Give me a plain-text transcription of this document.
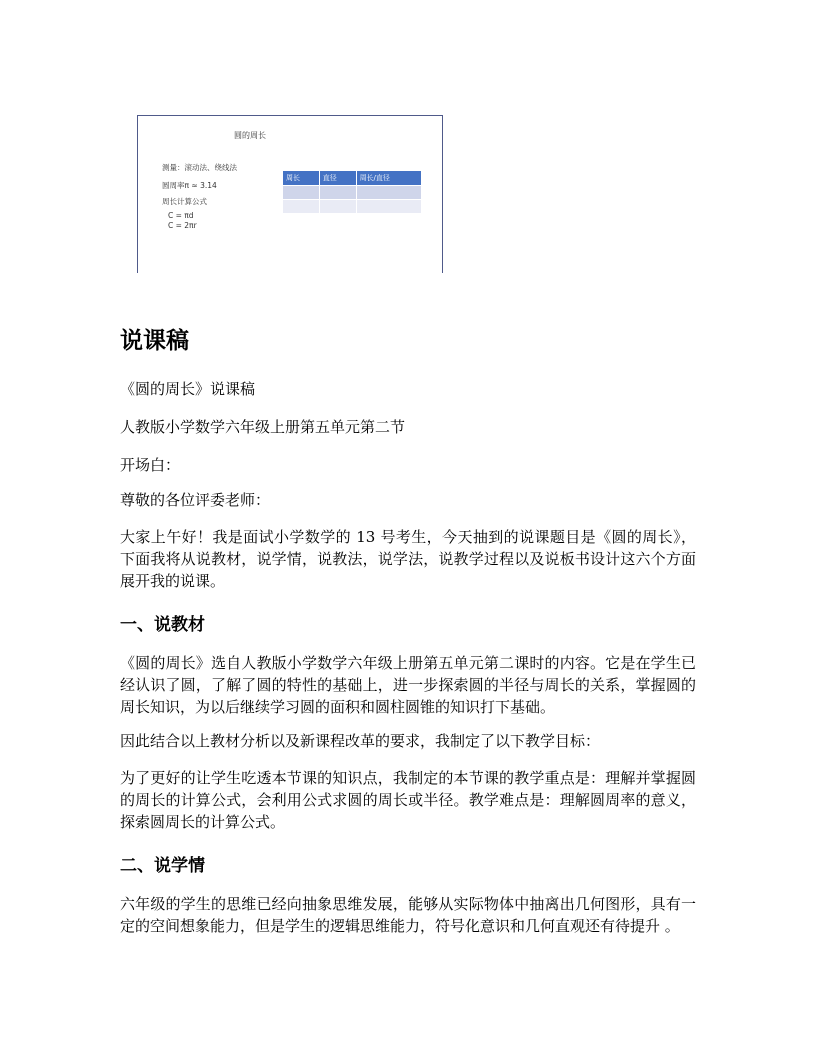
圆的周长
测量：滚动法、绕线法
圆周率π ≈ 3.14
周长计算公式
C = πd
C = 2πr
周长	直径	周长/直径

说课稿

《圆的周长》说课稿

人教版小学数学六年级上册第五单元第二节

开场白：

尊敬的各位评委老师：

大家上午好！我是面试小学数学的 13 号考生，今天抽到的说课题目是《圆的周长》，下面我将从说教材，说学情，说教法，说学法，说教学过程以及说板书设计这六个方面展开我的说课。

一、说教材

《圆的周长》选自人教版小学数学六年级上册第五单元第二课时的内容。它是在学生已经认识了圆，了解了圆的特性的基础上，进一步探索圆的半径与周长的关系，掌握圆的周长知识，为以后继续学习圆的面积和圆柱圆锥的知识打下基础。

因此结合以上教材分析以及新课程改革的要求，我制定了以下教学目标：

为了更好的让学生吃透本节课的知识点，我制定的本节课的教学重点是：理解并掌握圆的周长的计算公式，会利用公式求圆的周长或半径。教学难点是：理解圆周率的意义，探索圆周长的计算公式。

二、说学情

六年级的学生的思维已经向抽象思维发展，能够从实际物体中抽离出几何图形，具有一定的空间想象能力，但是学生的逻辑思维能力，符号化意识和几何直观还有待提升 。
